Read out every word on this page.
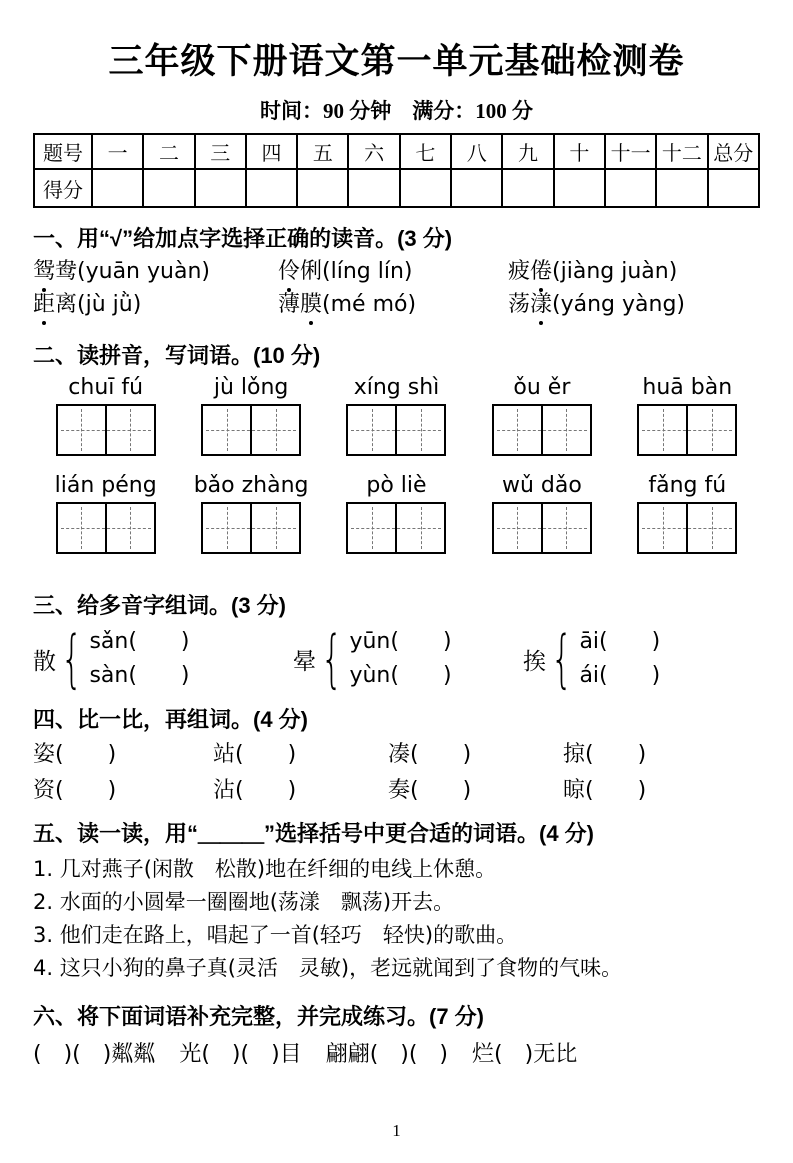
三年级下册语文第一单元基础检测卷
时间：90 分钟　满分：100 分
题号	一	二	三	四	五	六	七	八	九	十	十一	十二	总分
得分													
一、用“√”给加点字选择正确的读音。(3 分)
鸳鸯(yuān yuàn)	伶俐(líng lín)	疲倦(jiàng juàn)
距离(jù jǜ)	薄膜(mé mó)	荡漾(yáng yàng)
二、读拼音，写词语。(10 分)
chuī fú	jù lǒng	xíng shì	ǒu ěr	huā bàn
lián péng	bǎo zhàng	pò liè	wǔ dǎo	fǎng fú
三、给多音字组词。(3 分)
散 { sǎn(　　)
sàn(　　)
晕 { yūn(　　)
yùn(　　)
挨 { āi(　　)
ái(　　)
四、比一比，再组词。(4 分)
姿(　　)	站(　　)	凑(　　)	掠(　　)
资(　　)	沾(　　)	奏(　　)	晾(　　)
五、读一读，用“＿＿＿”选择括号中更合适的词语。(4 分)
1. 几对燕子(闲散　松散)地在纤细的电线上休憩。
2. 水面的小圆晕一圈圈地(荡漾　飘荡)开去。
3. 他们走在路上，唱起了一首(轻巧　轻快)的歌曲。
4. 这只小狗的鼻子真(灵活　灵敏)，老远就闻到了食物的气味。
六、将下面词语补充完整，并完成练习。(7 分)
(　)(　)粼粼 光(　)(　)目 翩翩(　)(　) 烂(　)无比
1
